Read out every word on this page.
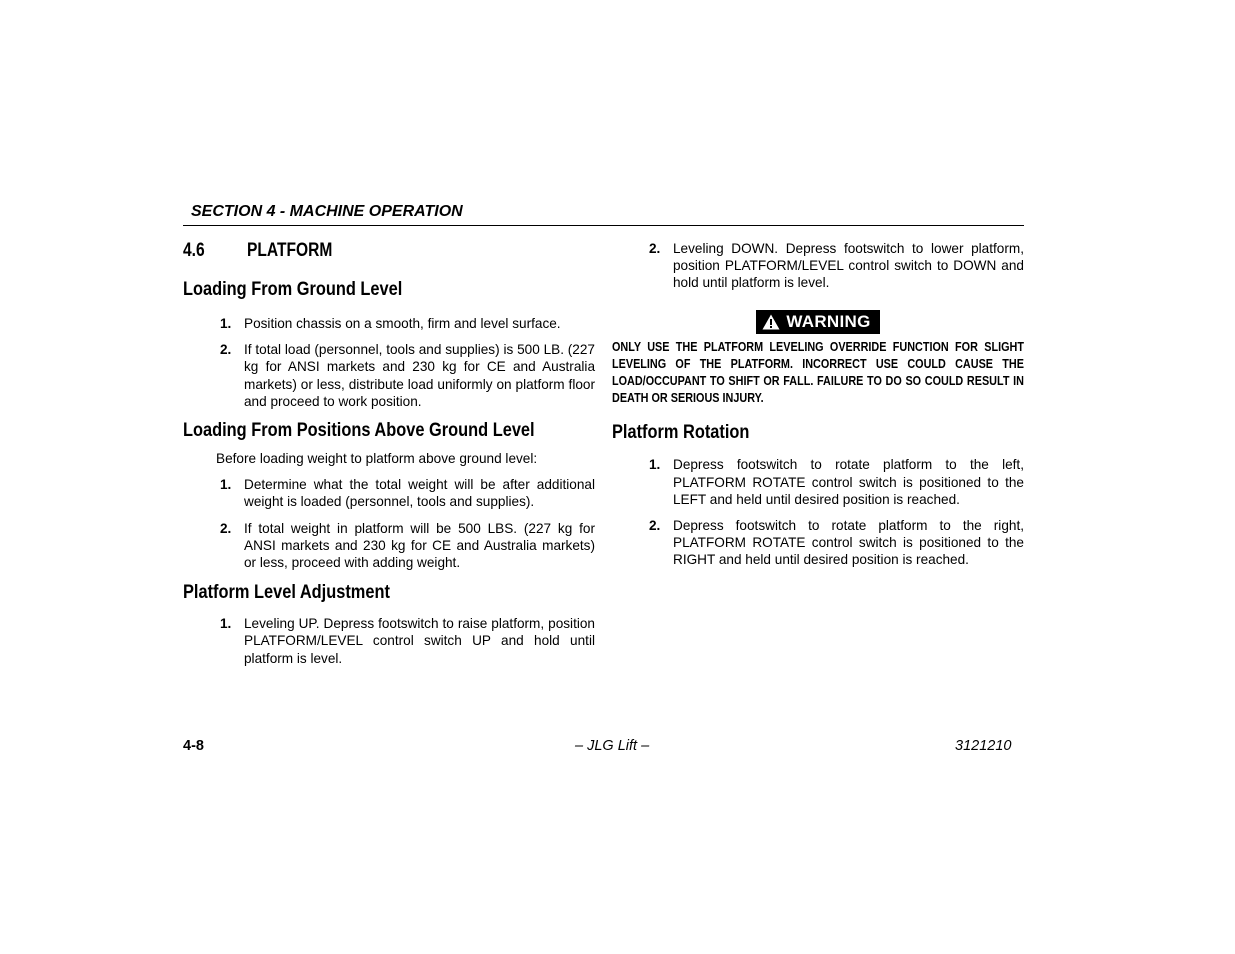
SECTION 4 - MACHINE OPERATION
4.6 PLATFORM
Loading From Ground Level
1. Position chassis on a smooth, firm and level surface.
2. If total load (personnel, tools and supplies) is 500 LB. (227 kg for ANSI markets and 230 kg for CE and Australia markets) or less, distribute load uniformly on platform floor and proceed to work position.
Loading From Positions Above Ground Level

Before loading weight to platform above ground level:

1. Determine what the total weight will be after additional weight is loaded (personnel, tools and supplies).
2. If total weight in platform will be 500 LBS. (227 kg for ANSI markets and 230 kg for CE and Australia markets) or less, proceed with adding weight.
Platform Level Adjustment
1. Leveling UP. Depress footswitch to raise platform, position PLATFORM/LEVEL control switch UP and hold until platform is level.
2. Leveling DOWN. Depress footswitch to lower platform, position PLATFORM/LEVEL control switch to DOWN and hold until platform is level.
WARNING

ONLY USE THE PLATFORM LEVELING OVERRIDE FUNCTION FOR SLIGHT LEVELING OF THE PLATFORM. INCORRECT USE COULD CAUSE THE LOAD/OCCUPANT TO SHIFT OR FALL. FAILURE TO DO SO COULD RESULT IN DEATH OR SERIOUS INJURY.

Platform Rotation
1. Depress footswitch to rotate platform to the left, PLATFORM ROTATE control switch is positioned to the LEFT and held until desired position is reached.
2. Depress footswitch to rotate platform to the right, PLATFORM ROTATE control switch is positioned to the RIGHT and held until desired position is reached.
4-8	– JLG Lift –	3121210
